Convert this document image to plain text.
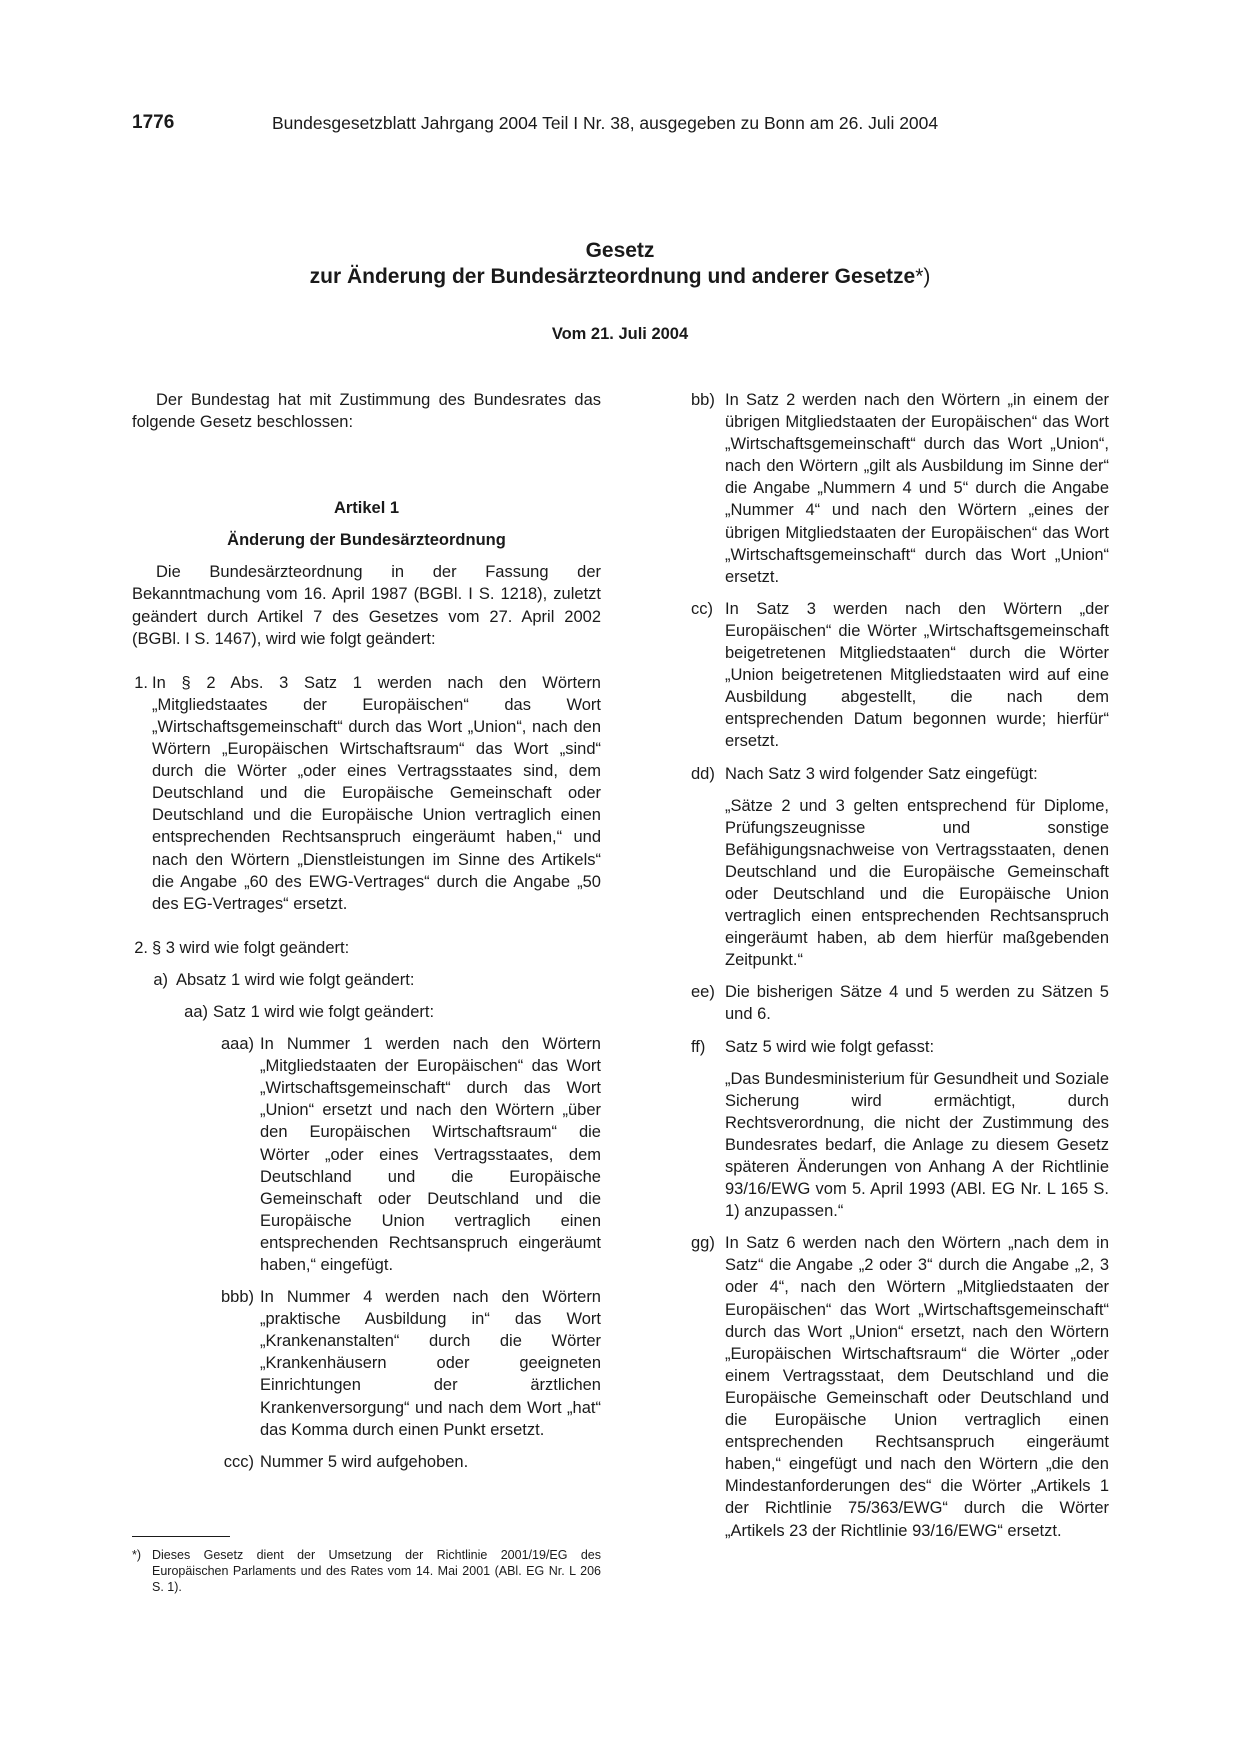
1776	Bundesgesetzblatt Jahrgang 2004 Teil I Nr. 38, ausgegeben zu Bonn am 26. Juli 2004
Gesetz
zur Änderung der Bundesärzteordnung und anderer Gesetze*)
Vom 21. Juli 2004

Der Bundestag hat mit Zustimmung des Bundesrates das folgende Gesetz beschlossen:

Artikel 1

Änderung der Bundesärzteordnung

Die Bundesärzteordnung in der Fassung der Bekanntmachung vom 16. April 1987 (BGBl. I S. 1218), zuletzt geändert durch Artikel 7 des Gesetzes vom 27. April 2002 (BGBl. I S. 1467), wird wie folgt geändert:

1. In § 2 Abs. 3 Satz 1 werden nach den Wörtern „Mitgliedstaates der Europäischen“ das Wort „Wirtschaftsgemeinschaft“ durch das Wort „Union“, nach den Wörtern „Europäischen Wirtschaftsraum“ das Wort „sind“ durch die Wörter „oder eines Vertragsstaates sind, dem Deutschland und die Europäische Gemeinschaft oder Deutschland und die Europäische Union vertraglich einen entsprechenden Rechtsanspruch eingeräumt haben,“ und nach den Wörtern „Dienstleistungen im Sinne des Artikels“ die Angabe „60 des EWG-Vertrages“ durch die Angabe „50 des EG-Vertrages“ ersetzt.

2. § 3 wird wie folgt geändert:

a) Absatz 1 wird wie folgt geändert:

aa) Satz 1 wird wie folgt geändert:

aaa) In Nummer 1 werden nach den Wörtern „Mitgliedstaaten der Europäischen“ das Wort „Wirtschaftsgemeinschaft“ durch das Wort „Union“ ersetzt und nach den Wörtern „über den Europäischen Wirtschaftsraum“ die Wörter „oder eines Vertragsstaates, dem Deutschland und die Europäische Gemeinschaft oder Deutschland und die Europäische Union vertraglich einen entsprechenden Rechtsanspruch eingeräumt haben,“ eingefügt.

bbb) In Nummer 4 werden nach den Wörtern „praktische Ausbildung in“ das Wort „Krankenanstalten“ durch die Wörter „Krankenhäusern oder geeigneten Einrichtungen der ärztlichen Krankenversorgung“ und nach dem Wort „hat“ das Komma durch einen Punkt ersetzt.

ccc) Nummer 5 wird aufgehoben.

bb) In Satz 2 werden nach den Wörtern „in einem der übrigen Mitgliedstaaten der Europäischen“ das Wort „Wirtschaftsgemeinschaft“ durch das Wort „Union“, nach den Wörtern „gilt als Ausbildung im Sinne der“ die Angabe „Nummern 4 und 5“ durch die Angabe „Nummer 4“ und nach den Wörtern „eines der übrigen Mitgliedstaaten der Europäischen“ das Wort „Wirtschaftsgemeinschaft“ durch das Wort „Union“ ersetzt.

cc) In Satz 3 werden nach den Wörtern „der Europäischen“ die Wörter „Wirtschaftsgemeinschaft beigetretenen Mitgliedstaaten“ durch die Wörter „Union beigetretenen Mitgliedstaaten wird auf eine Ausbildung abgestellt, die nach dem entsprechenden Datum begonnen wurde; hierfür“ ersetzt.

dd) Nach Satz 3 wird folgender Satz eingefügt:

„Sätze 2 und 3 gelten entsprechend für Diplome, Prüfungszeugnisse und sonstige Befähigungsnachweise von Vertragsstaaten, denen Deutschland und die Europäische Gemeinschaft oder Deutschland und die Europäische Union vertraglich einen entsprechenden Rechtsanspruch eingeräumt haben, ab dem hierfür maßgebenden Zeitpunkt.“

ee) Die bisherigen Sätze 4 und 5 werden zu Sätzen 5 und 6.

ff) Satz 5 wird wie folgt gefasst:

„Das Bundesministerium für Gesundheit und Soziale Sicherung wird ermächtigt, durch Rechtsverordnung, die nicht der Zustimmung des Bundesrates bedarf, die Anlage zu diesem Gesetz späteren Änderungen von Anhang A der Richtlinie 93/16/EWG vom 5. April 1993 (ABl. EG Nr. L 165 S. 1) anzupassen.“

gg) In Satz 6 werden nach den Wörtern „nach dem in Satz“ die Angabe „2 oder 3“ durch die Angabe „2, 3 oder 4“, nach den Wörtern „Mitgliedstaaten der Europäischen“ das Wort „Wirtschaftsgemeinschaft“ durch das Wort „Union“ ersetzt, nach den Wörtern „Europäischen Wirtschaftsraum“ die Wörter „oder einem Vertragsstaat, dem Deutschland und die Europäische Gemeinschaft oder Deutschland und die Europäische Union vertraglich einen entsprechenden Rechtsanspruch eingeräumt haben,“ eingefügt und nach den Wörtern „die den Mindestanforderungen des“ die Wörter „Artikels 1 der Richtlinie 75/363/EWG“ durch die Wörter „Artikels 23 der Richtlinie 93/16/EWG“ ersetzt.

*) Dieses Gesetz dient der Umsetzung der Richtlinie 2001/19/EG des Europäischen Parlaments und des Rates vom 14. Mai 2001 (ABl. EG Nr. L 206 S. 1).
